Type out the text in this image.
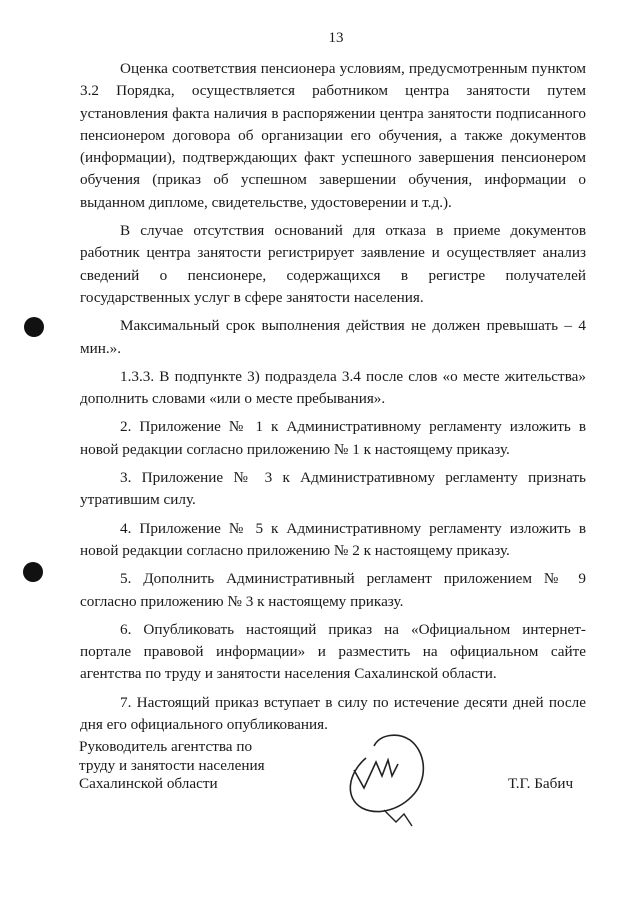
13

Оценка соответствия пенсионера условиям, предусмотренным пунктом 3.2 Порядка, осуществляется работником центра занятости путем установления факта наличия в распоряжении центра занятости подписанного пенсионером договора об организации его обучения, а также документов (информации), подтверждающих факт успешного завершения пенсионером обучения (приказ об успешном завершении обучения, информации о выданном дипломе, свидетельстве, удостоверении и т.д.).

В случае отсутствия оснований для отказа в приеме документов работник центра занятости регистрирует заявление и осуществляет анализ сведений о пенсионере, содержащихся в регистре получателей государственных услуг в сфере занятости населения.

Максимальный срок выполнения действия не должен превышать – 4 мин.».

1.3.3. В подпункте 3) подраздела 3.4 после слов «о месте жительства» дополнить словами «или о месте пребывания».

2. Приложение № 1 к Административному регламенту изложить в новой редакции согласно приложению № 1 к настоящему приказу.

3. Приложение № 3 к Административному регламенту признать утратившим силу.

4. Приложение № 5 к Административному регламенту изложить в новой редакции согласно приложению № 2 к настоящему приказу.

5. Дополнить Административный регламент приложением № 9 согласно приложению № 3 к настоящему приказу.

6. Опубликовать настоящий приказ на «Официальном интернет-портале правовой информации» и разместить на официальном сайте агентства по труду и занятости населения Сахалинской области.

7. Настоящий приказ вступает в силу по истечение десяти дней после дня его официального опубликования.

Руководитель агентства по
труду и занятости населения
Сахалинской области	Т.Г. Бабич
